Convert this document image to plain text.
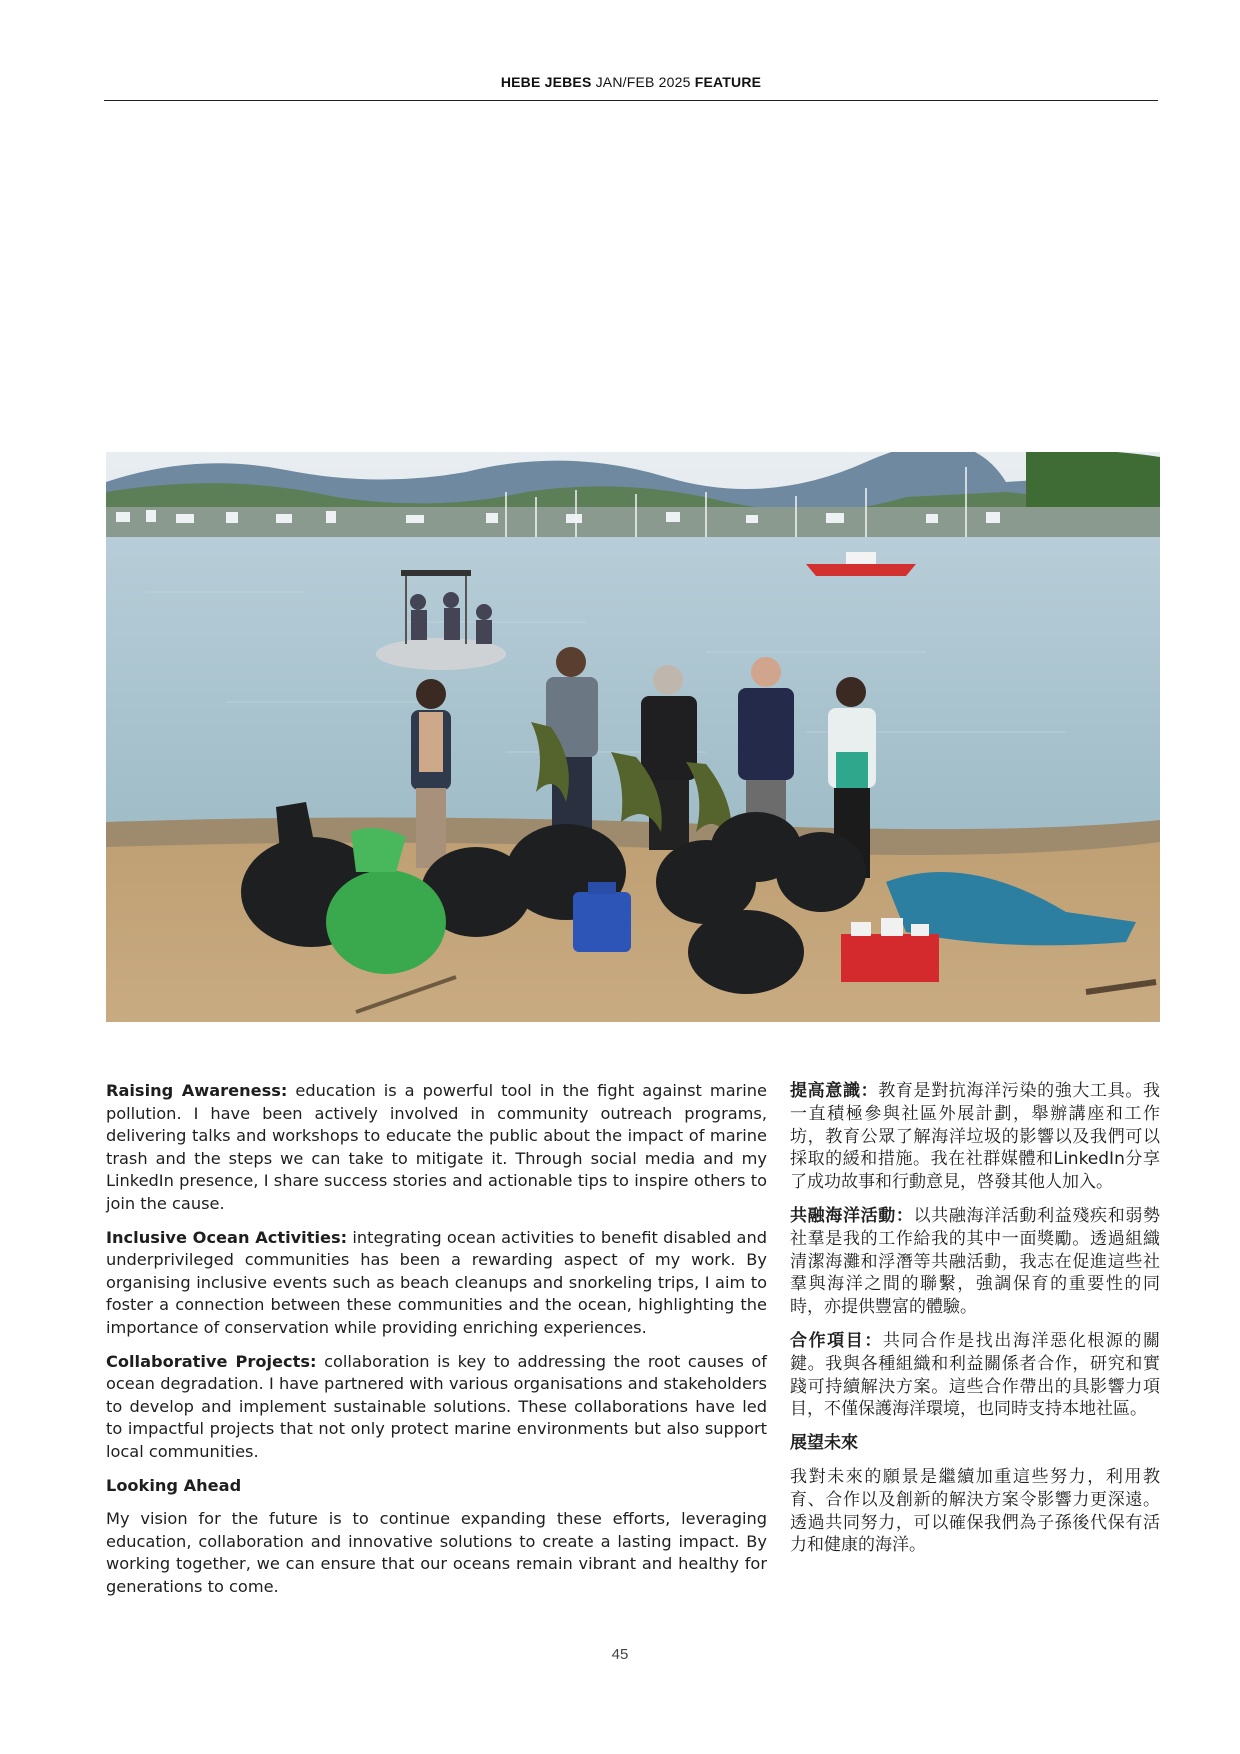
HEBE JEBES JAN/FEB 2025 FEATURE

Raising Awareness: education is a powerful tool in the fight against marine pollution. I have been actively involved in community outreach programs, delivering talks and workshops to educate the public about the impact of marine trash and the steps we can take to mitigate it. Through social media and my LinkedIn presence, I share success stories and actionable tips to inspire others to join the cause.

Inclusive Ocean Activities: integrating ocean activities to benefit disabled and underprivileged communities has been a rewarding aspect of my work. By organising inclusive events such as beach cleanups and snorkeling trips, I aim to foster a connection between these communities and the ocean, highlighting the importance of conservation while providing enriching experiences.

Collaborative Projects: collaboration is key to addressing the root causes of ocean degradation. I have partnered with various organisations and stakeholders to develop and implement sustainable solutions. These collaborations have led to impactful projects that not only protect marine environments but also support local communities.

Looking Ahead

My vision for the future is to continue expanding these efforts, leveraging education, collaboration and innovative solutions to create a lasting impact. By working together, we can ensure that our oceans remain vibrant and healthy for generations to come.

提高意識：教育是對抗海洋污染的強大工具。我一直積極參與社區外展計劃，舉辦講座和工作坊，教育公眾了解海洋垃圾的影響以及我們可以採取的緩和措施。我在社群媒體和LinkedIn分享了成功故事和行動意見，啓發其他人加入。

共融海洋活動：以共融海洋活動利益殘疾和弱勢社羣是我的工作給我的其中一面獎勵。透過組織清潔海灘和浮潛等共融活動，我志在促進這些社羣與海洋之間的聯繫，強調保育的重要性的同時，亦提供豐富的體驗。

合作項目：共同合作是找出海洋惡化根源的關鍵。我與各種組織和利益關係者合作，研究和實踐可持續解決方案。這些合作帶出的具影響力項目，不僅保護海洋環境，也同時支持本地社區。

展望未來

我對未來的願景是繼續加重這些努力，利用教育、合作以及創新的解決方案令影響力更深遠。透過共同努力，可以確保我們為子孫後代保有活力和健康的海洋。

45
